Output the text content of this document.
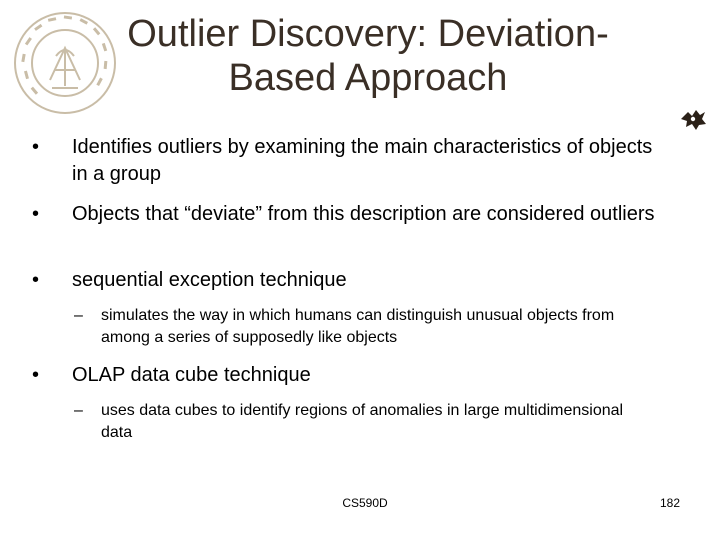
Outlier Discovery: Deviation-
Based Approach
•	Identifies outliers by examining the main characteristics of objects in a group
•	Objects that “deviate” from this description are considered outliers
•	sequential exception technique
–	simulates the way in which humans can distinguish unusual objects from among a series of supposedly like objects
•	OLAP data cube technique
–	uses data cubes to identify regions of anomalies in large multidimensional data
CS590D	182
